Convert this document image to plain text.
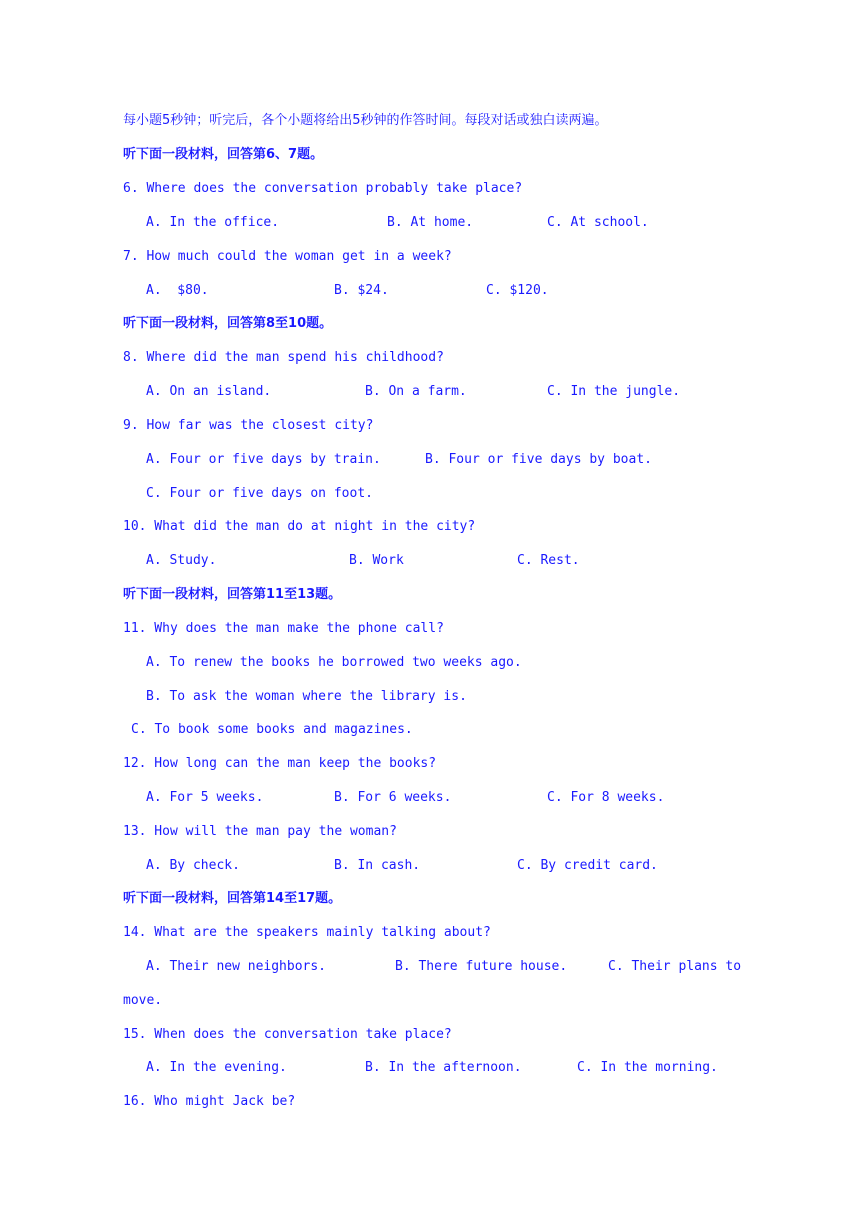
每小题5秒钟；听完后，各个小题将给出5秒钟的作答时间。每段对话或独白读两遍。
听下面一段材料，回答第6、7题。
6. Where does the conversation probably take place?
A. In the office.	B. At home.	C. At school.
7. How much could the woman get in a week?
A.  $80.	B. $24.	C. $120.
听下面一段材料，回答第8至10题。
8. Where did the man spend his childhood?
A. On an island.	B. On a farm.	C. In the jungle.
9. How far was the closest city?
A. Four or five days by train.	B. Four or five days by boat.
C. Four or five days on foot.
10. What did the man do at night in the city?
A. Study.	B. Work	C. Rest.
听下面一段材料，回答第11至13题。
11. Why does the man make the phone call?
A. To renew the books he borrowed two weeks ago.
B. To ask the woman where the library is.
C. To book some books and magazines.
12. How long can the man keep the books?
A. For 5 weeks.	B. For 6 weeks.	C. For 8 weeks.
13. How will the man pay the woman?
A. By check.	B. In cash.	C. By credit card.
听下面一段材料，回答第14至17题。
14. What are the speakers mainly talking about?
A. Their new neighbors.	B. There future house.	C. Their plans to
move.
15. When does the conversation take place?
A. In the evening.	B. In the afternoon.	C. In the morning.
16. Who might Jack be?
